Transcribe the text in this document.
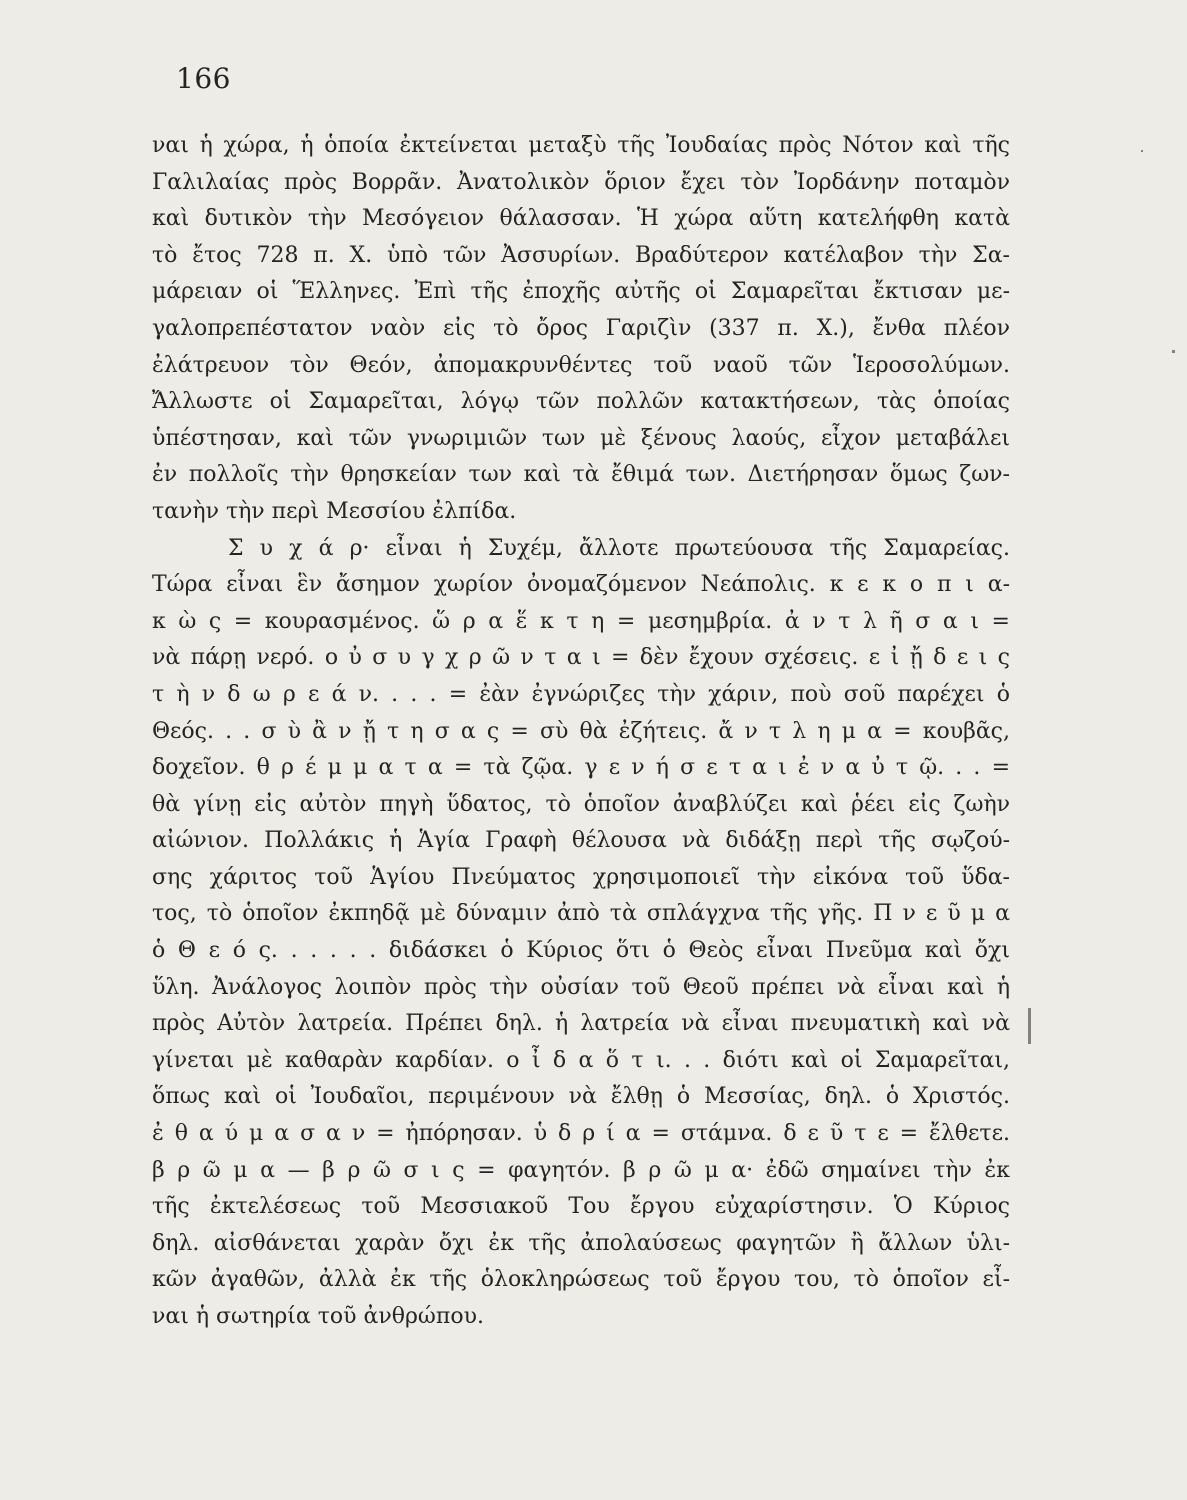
166
ναι ἡ χώρα, ἡ ὁποία ἐκτείνεται μεταξὺ τῆς Ἰουδαίας πρὸς Νότον καὶ τῆς
Γαλιλαίας πρὸς Βορρᾶν. Ἀνατολικὸν ὅριον ἔχει τὸν Ἰορδάνην ποταμὸν
καὶ δυτικὸν τὴν Μεσόγειον θάλασσαν. Ἡ χώρα αὕτη κατελήφθη κατὰ
τὸ ἔτος 728 π. Χ. ὑπὸ τῶν Ἀσσυρίων. Βραδύτερον κατέλαβον τὴν Σα-
μάρειαν οἱ Ἕλληνες. Ἐπὶ τῆς ἐποχῆς αὐτῆς οἱ Σαμαρεῖται ἔκτισαν με-
γαλοπρεπέστατον ναὸν εἰς τὸ ὄρος Γαριζὶν (337 π. Χ.), ἔνθα πλέον
ἐλάτρευον τὸν Θεόν, ἀπομακρυνθέντες τοῦ ναοῦ τῶν Ἱεροσολύμων.
Ἄλλωστε οἱ Σαμαρεῖται, λόγῳ τῶν πολλῶν κατακτήσεων, τὰς ὁποίας
ὑπέστησαν, καὶ τῶν γνωριμιῶν των μὲ ξένους λαούς, εἶχον μεταβάλει
ἐν πολλοῖς τὴν θρησκείαν των καὶ τὰ ἔθιμά των. Διετήρησαν ὅμως ζων-
τανὴν τὴν περὶ Μεσσίου ἐλπίδα.
Σ υ χ ά ρ· εἶναι ἡ Συχέμ, ἄλλοτε πρωτεύουσα τῆς Σαμαρείας.
Τώρα εἶναι ἓν ἄσημον χωρίον ὀνομαζόμενον Νεάπολις. κ ε κ ο π ι α-
κ ὼ ς = κουρασμένος. ὥ ρ α ἕ κ τ η = μεσημβρία. ἀ ν τ λ ῆ σ α ι =
νὰ πάρῃ νερό. ο ὐ σ υ γ χ ρ ῶ ν τ α ι = δὲν ἔχουν σχέσεις. ε ἰ ᾔ δ ε ι ς
τ ὴ ν δ ω ρ ε ά ν. . . . = ἐὰν ἐγνώριζες τὴν χάριν, ποὺ σοῦ παρέχει ὁ
Θεός. . . σ ὺ ἂ ν ᾔ τ η σ α ς = σὺ θὰ ἐζήτεις. ἄ ν τ λ η μ α = κουβᾶς,
δοχεῖον. θ ρ έ μ μ α τ α = τὰ ζῷα. γ ε ν ή σ ε τ α ι ἐ ν α ὐ τ ῷ. . . =
θὰ γίνῃ εἰς αὐτὸν πηγὴ ὕδατος, τὸ ὁποῖον ἀναβλύζει καὶ ῥέει εἰς ζωὴν
αἰώνιον. Πολλάκις ἡ Ἁγία Γραφὴ θέλουσα νὰ διδάξῃ περὶ τῆς σῳζού-
σης χάριτος τοῦ Ἁγίου Πνεύματος χρησιμοποιεῖ τὴν εἰκόνα τοῦ ὕδα-
τος, τὸ ὁποῖον ἐκπηδᾷ μὲ δύναμιν ἀπὸ τὰ σπλάγχνα τῆς γῆς. Π ν ε ῦ μ α
ὁ Θ ε ό ς. . . . . . διδάσκει ὁ Κύριος ὅτι ὁ Θεὸς εἶναι Πνεῦμα καὶ ὄχι
ὕλη. Ἀνάλογος λοιπὸν πρὸς τὴν οὐσίαν τοῦ Θεοῦ πρέπει νὰ εἶναι καὶ ἡ
πρὸς Αὐτὸν λατρεία. Πρέπει δηλ. ἡ λατρεία νὰ εἶναι πνευματικὴ καὶ νὰ
γίνεται μὲ καθαρὰν καρδίαν. ο ἶ δ α ὅ τ ι. . . διότι καὶ οἱ Σαμαρεῖται,
ὅπως καὶ οἱ Ἰουδαῖοι, περιμένουν νὰ ἔλθῃ ὁ Μεσσίας, δηλ. ὁ Χριστός.
ἐ θ α ύ μ α σ α ν = ἠπόρησαν. ὑ δ ρ ί α = στάμνα. δ ε ῦ τ ε = ἔλθετε.
β ρ ῶ μ α — β ρ ῶ σ ι ς = φαγητόν. β ρ ῶ μ α· ἐδῶ σημαίνει τὴν ἐκ
τῆς ἐκτελέσεως τοῦ Μεσσιακοῦ Του ἔργου εὐχαρίστησιν. Ὁ Κύριος
δηλ. αἰσθάνεται χαρὰν ὄχι ἐκ τῆς ἀπολαύσεως φαγητῶν ἢ ἄλλων ὑλι-
κῶν ἀγαθῶν, ἀλλὰ ἐκ τῆς ὁλοκληρώσεως τοῦ ἔργου του, τὸ ὁποῖον εἶ-
ναι ἡ σωτηρία τοῦ ἀνθρώπου.
